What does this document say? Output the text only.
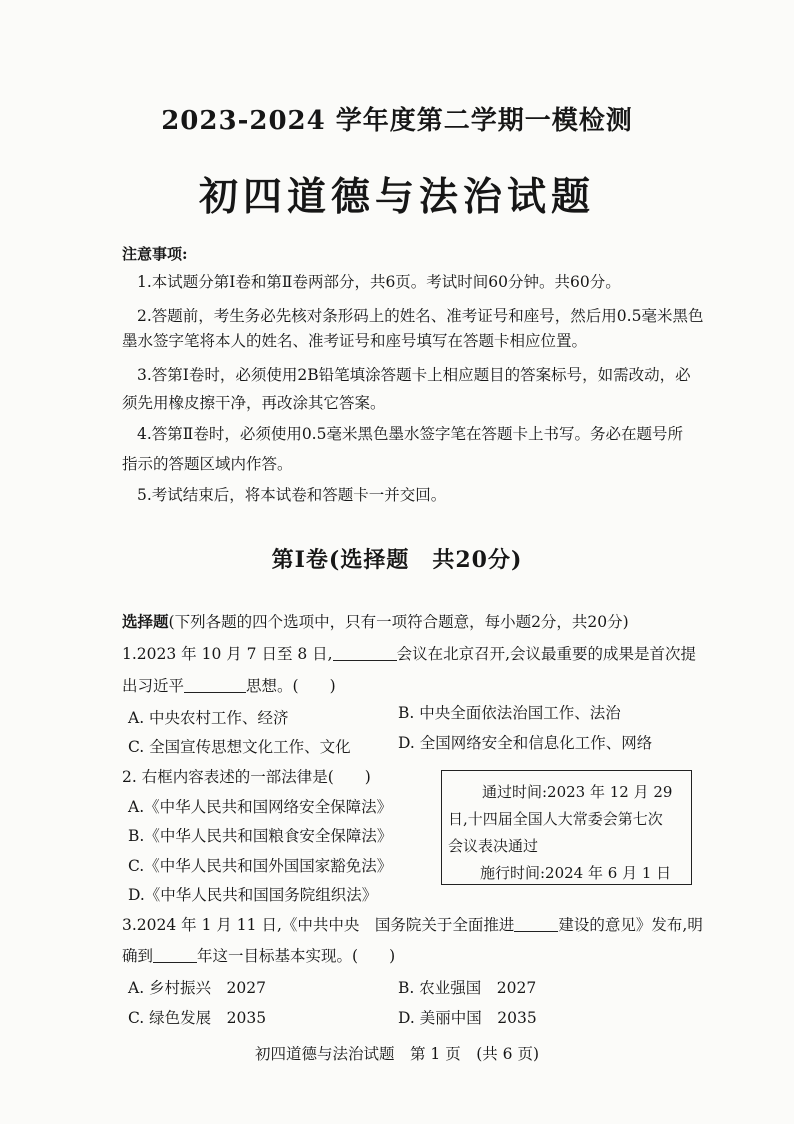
2023-2024 学年度第二学期一模检测
初四道德与法治试题
注意事项:
1.本试题分第Ⅰ卷和第Ⅱ卷两部分，共6页。考试时间60分钟。共60分。
2.答题前，考生务必先核对条形码上的姓名、准考证号和座号，然后用0.5毫米黑色
墨水签字笔将本人的姓名、准考证号和座号填写在答题卡相应位置。
3.答第Ⅰ卷时，必须使用2B铅笔填涂答题卡上相应题目的答案标号，如需改动，必
须先用橡皮擦干净，再改涂其它答案。
4.答第Ⅱ卷时，必须使用0.5毫米黑色墨水签字笔在答题卡上书写。务必在题号所
指示的答题区域内作答。
5.考试结束后，将本试卷和答题卡一并交回。
第Ⅰ卷(选择题　共20分)
选择题(下列各题的四个选项中，只有一项符合题意，每小题2分，共20分)
1.2023 年 10 月 7 日至 8 日,	会议在北京召开,会议最重要的成果是首次提
出习近平	思想。(　　)
A. 中央农村工作、经济	B. 中央全面依法治国工作、法治
C. 全国宣传思想文化工作、文化	D. 全国网络安全和信息化工作、网络
2. 右框内容表述的一部法律是(　　)
A.《中华人民共和国网络安全保障法》
B.《中华人民共和国粮食安全保障法》
C.《中华人民共和国外国国家豁免法》
D.《中华人民共和国国务院组织法》
通过时间:2023 年 12 月 29
日,十四届全国人大常委会第七次
会议表决通过
施行时间:2024 年 6 月 1 日
3.2024 年 1 月 11 日,《中共中央　国务院关于全面推进	建设的意见》发布,明
确到	年这一目标基本实现。(　　)
A. 乡村振兴　2027	B. 农业强国　2027
C. 绿色发展　2035	D. 美丽中国　2035
初四道德与法治试题　第 1 页　(共 6 页)
